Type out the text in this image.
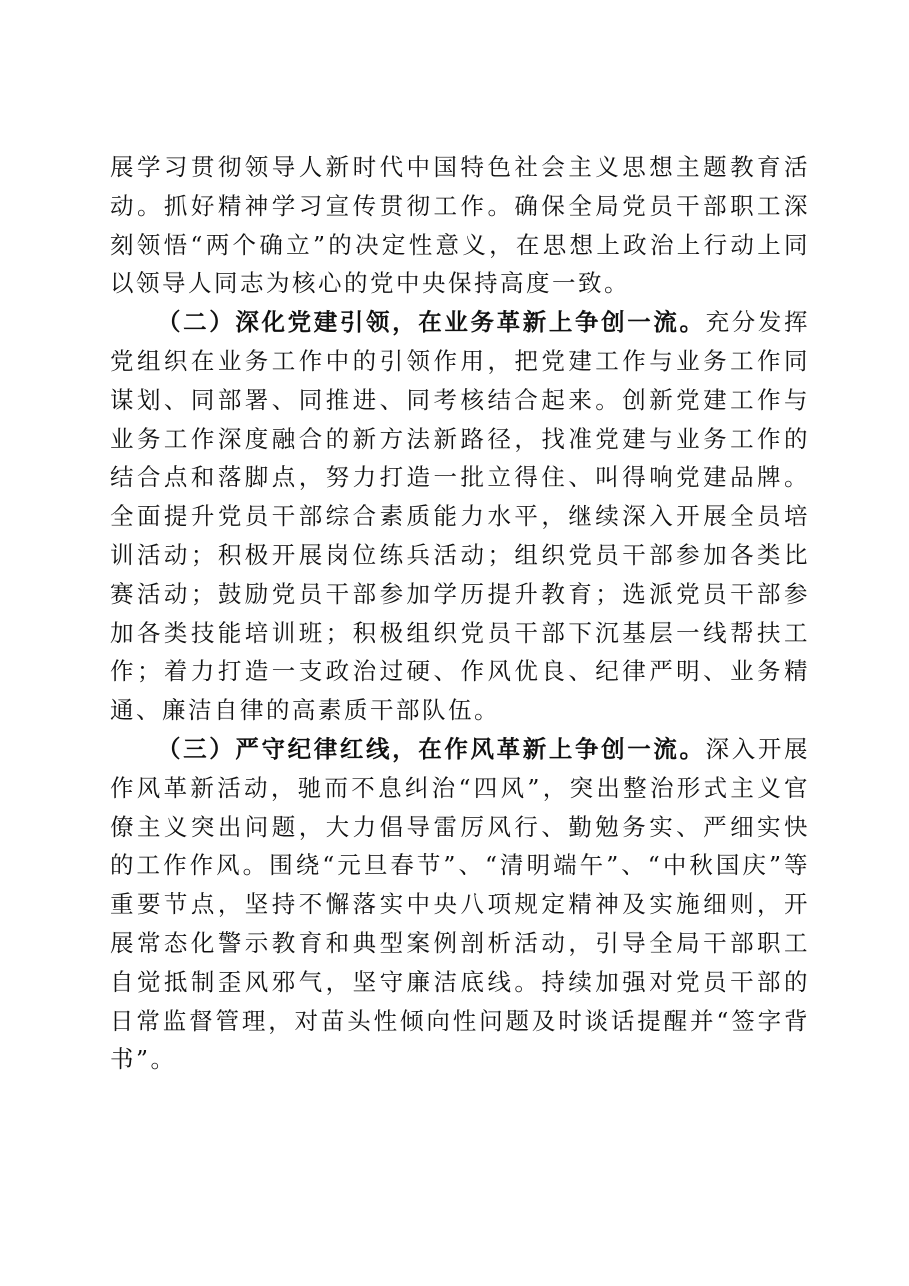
展学习贯彻领导人新时代中国特色社会主义思想主题教育活动。抓好精神学习宣传贯彻工作。确保全局党员干部职工深刻领悟“两个确立”的决定性意义，在思想上政治上行动上同以领导人同志为核心的党中央保持高度一致。

（二）深化党建引领，在业务革新上争创一流。充分发挥党组织在业务工作中的引领作用，把党建工作与业务工作同谋划、同部署、同推进、同考核结合起来。创新党建工作与业务工作深度融合的新方法新路径，找准党建与业务工作的结合点和落脚点，努力打造一批立得住、叫得响党建品牌。全面提升党员干部综合素质能力水平，继续深入开展全员培训活动；积极开展岗位练兵活动；组织党员干部参加各类比赛活动；鼓励党员干部参加学历提升教育；选派党员干部参加各类技能培训班；积极组织党员干部下沉基层一线帮扶工作；着力打造一支政治过硬、作风优良、纪律严明、业务精通、廉洁自律的高素质干部队伍。

（三）严守纪律红线，在作风革新上争创一流。深入开展作风革新活动，驰而不息纠治“四风”，突出整治形式主义官僚主义突出问题，大力倡导雷厉风行、勤勉务实、严细实快的工作作风。围绕“元旦春节”、“清明端午”、“中秋国庆”等重要节点，坚持不懈落实中央八项规定精神及实施细则，开展常态化警示教育和典型案例剖析活动，引导全局干部职工自觉抵制歪风邪气，坚守廉洁底线。持续加强对党员干部的日常监督管理，对苗头性倾向性问题及时谈话提醒并“签字背书”。
